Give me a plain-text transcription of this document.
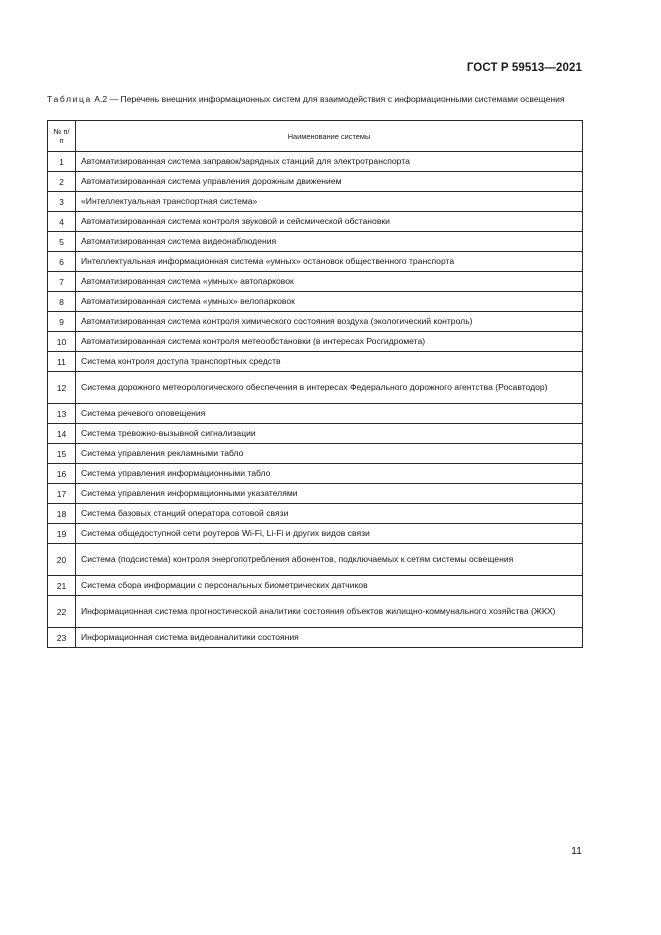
ГОСТ Р 59513—2021
Таблица А.2 — Перечень внешних информационных систем для взаимодействия с информационными системами освещения
№ п/п	Наименование системы
1	Автоматизированная система заправок/зарядных станций для электротранспорта
2	Автоматизированная система управления дорожным движением
3	«Интеллектуальная транспортная система»
4	Автоматизированная система контроля звуковой и сейсмической обстановки
5	Автоматизированная система видеонаблюдения
6	Интеллектуальная информационная система «умных» остановок общественного транспорта
7	Автоматизированная система «умных» автопарковок
8	Автоматизированная система «умных» велопарковок
9	Автоматизированная система контроля химического состояния воздуха (экологический контроль)
10	Автоматизированная система контроля метеообстановки (в интересах Росгидромета)
11	Система контроля доступа транспортных средств
12	Система дорожного метеорологического обеспечения в интересах Федерального дорожного агентства (Росавтодор)
13	Система речевого оповещения
14	Система тревожно-вызывной сигнализации
15	Система управления рекламными табло
16	Система управления информационными табло
17	Система управления информационными указателями
18	Система базовых станций оператора сотовой связи
19	Система общедоступной сети роутеров Wi-Fi, Li-Fi и других видов связи
20	Система (подсистема) контроля энергопотребления абонентов, подключаемых к сетям системы освещения
21	Система сбора информации с персональных биометрических датчиков
22	Информационная система прогностической аналитики состояния объектов жилищно-коммунального хозяйства (ЖКХ)
23	Информационная система видеоаналитики состояния
11
